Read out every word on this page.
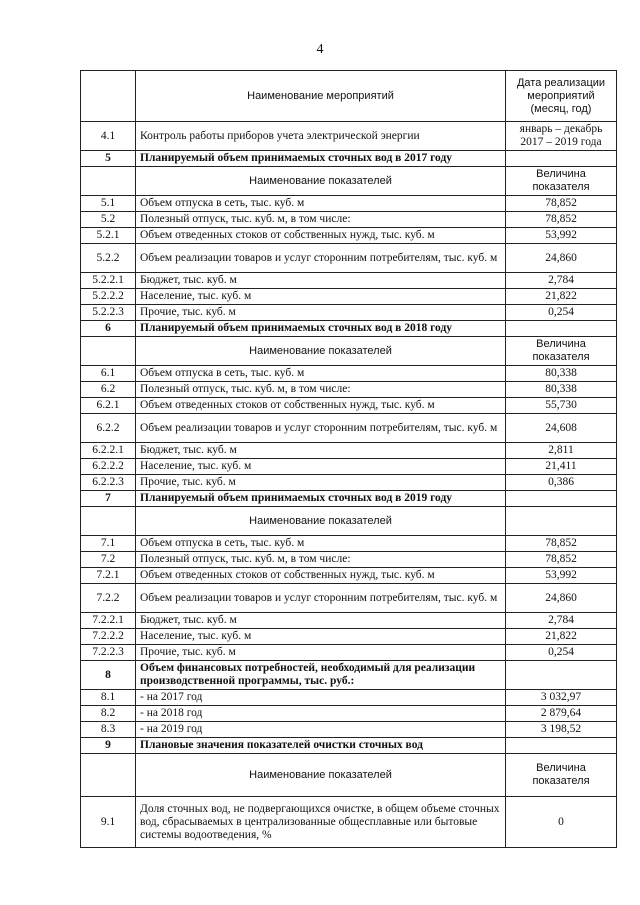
4
	Наименование мероприятий	Дата реализации мероприятий (месяц, год)
4.1	Контроль работы приборов учета электрической энергии	январь – декабрь 2017 – 2019 года
5	Планируемый объем принимаемых сточных вод в 2017 году	
	Наименование показателей	Величина показателя
5.1	Объем отпуска в сеть, тыс. куб. м	78,852
5.2	Полезный отпуск, тыс. куб. м, в том числе:	78,852
5.2.1	Объем отведенных стоков от собственных нужд, тыс. куб. м	53,992
5.2.2	Объем реализации товаров и услуг сторонним потребителям, тыс. куб. м	24,860
5.2.2.1	Бюджет, тыс. куб. м	2,784
5.2.2.2	Население, тыс. куб. м	21,822
5.2.2.3	Прочие, тыс. куб. м	0,254
6	Планируемый объем принимаемых сточных вод в 2018 году	
	Наименование показателей	Величина показателя
6.1	Объем отпуска в сеть, тыс. куб. м	80,338
6.2	Полезный отпуск, тыс. куб. м, в том числе:	80,338
6.2.1	Объем отведенных стоков от собственных нужд, тыс. куб. м	55,730
6.2.2	Объем реализации товаров и услуг сторонним потребителям, тыс. куб. м	24,608
6.2.2.1	Бюджет, тыс. куб. м	2,811
6.2.2.2	Население, тыс. куб. м	21,411
6.2.2.3	Прочие, тыс. куб. м	0,386
7	Планируемый объем принимаемых сточных вод в 2019 году	
	Наименование показателей	
7.1	Объем отпуска в сеть, тыс. куб. м	78,852
7.2	Полезный отпуск, тыс. куб. м, в том числе:	78,852
7.2.1	Объем отведенных стоков от собственных нужд, тыс. куб. м	53,992
7.2.2	Объем реализации товаров и услуг сторонним потребителям, тыс. куб. м	24,860
7.2.2.1	Бюджет, тыс. куб. м	2,784
7.2.2.2	Население, тыс. куб. м	21,822
7.2.2.3	Прочие, тыс. куб. м	0,254
8	Объем финансовых потребностей, необходимый для реализации производственной программы, тыс. руб.:	
8.1	- на 2017 год	3 032,97
8.2	- на 2018 год	2 879,64
8.3	- на 2019 год	3 198,52
9	Плановые значения показателей очистки сточных вод	
	Наименование показателей	Величина показателя
9.1	Доля сточных вод, не подвергающихся очистке, в общем объеме сточных вод, сбрасываемых в централизованные общесплавные или бытовые системы водоотведения, %	0
